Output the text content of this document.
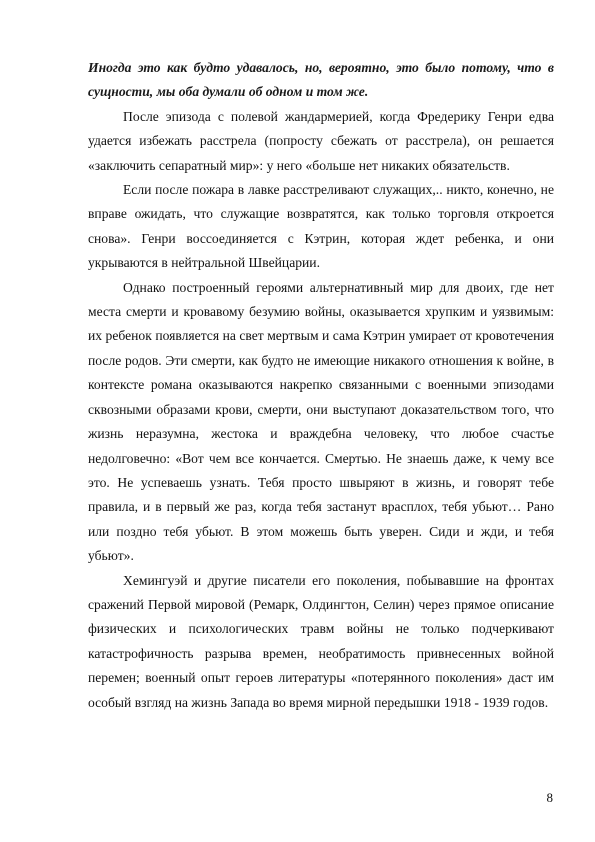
Иногда это как будто удавалось, но, вероятно, это было потому, что в сущности, мы оба думали об одном и том же.

После эпизода с полевой жандармерией, когда Фредерику Генри едва удается избежать расстрела (попросту сбежать от расстрела), он решается «заключить сепаратный мир»: у него «больше нет никаких обязательств.

Если после пожара в лавке расстреливают служащих,.. никто, конечно, не вправе ожидать, что служащие возвратятся, как только торговля откроется снова». Генри воссоединяется с Кэтрин, которая ждет ребенка, и они укрываются в нейтральной Швейцарии.

Однако построенный героями альтернативный мир для двоих, где нет места смерти и кровавому безумию войны, оказывается хрупким и уязвимым: их ребенок появляется на свет мертвым и сама Кэтрин умирает от кровотечения после родов. Эти смерти, как будто не имеющие никакого отношения к войне, в контексте романа оказываются накрепко связанными с военными эпизодами сквозными образами крови, смерти, они выступают доказательством того, что жизнь неразумна, жестока и враждебна человеку, что любое счастье недолговечно: «Вот чем все кончается. Смертью. Не знаешь даже, к чему все это. Не успеваешь узнать. Тебя просто швыряют в жизнь, и говорят тебе правила, и в первый же раз, когда тебя застанут врасплох, тебя убьют… Рано или поздно тебя убьют. В этом можешь быть уверен. Сиди и жди, и тебя убьют».

Хемингуэй и другие писатели его поколения, побывавшие на фронтах сражений Первой мировой (Ремарк, Олдингтон, Селин) через прямое описание физических и психологических травм войны не только подчеркивают катастрофичность разрыва времен, необратимость привнесенных войной перемен; военный опыт героев литературы «потерянного поколения» даст им особый взгляд на жизнь Запада во время мирной передышки 1918 - 1939 годов.

8
